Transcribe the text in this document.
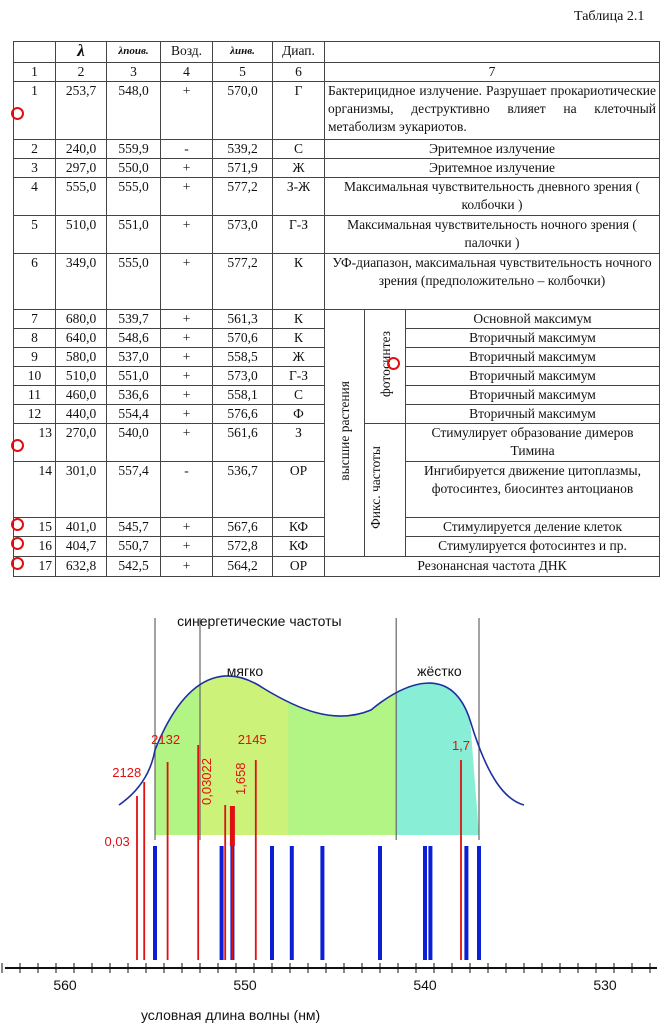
Таблица 2.1
	λ	λпоив.	Возд.	λинв.	Диап.			
1	2	3	4	5	6	7		
1	253,7	548,0	+	570,0	Г	Бактерицидное излучение. Разрушает прокариотические организмы, деструктивно влияет на клеточный метаболизм эукариотов.		
2	240,0	559,9	-	539,2	С	Эритемное излучение		
3	297,0	550,0	+	571,9	Ж	Эритемное излучение		
4	555,0	555,0	+	577,2	З-Ж	Максимальная чувствительность дневного зрения ( колбочки )		
5	510,0	551,0	+	573,0	Г-З	Максимальная чувствительность ночного зрения ( палочки )		
6	349,0	555,0	+	577,2	К	УФ-диапазон, максимальная чувствительность ночного зрения (предположительно – колбочки)		
7	680,0	539,7	+	561,3	К	высшие растения	фотосинтез	Основной максимум
8	640,0	548,6	+	570,6	К			Вторичный максимум
9	580,0	537,0	+	558,5	Ж			Вторичный максимум
10	510,0	551,0	+	573,0	Г-З			Вторичный максимум
11	460,0	536,6	+	558,1	С			Вторичный максимум
12	440,0	554,4	+	576,6	Ф			Вторичный максимум
13	270,0	540,0	+	561,6	З		Фикс. частоты	Стимулирует образование димеров Тимина
14	301,0	557,4	-	536,7	ОР			Ингибируется движение цитоплазмы, фотосинтез, биосинтез антоцианов
15	401,0	545,7	+	567,6	КФ			Стимулируется деление клеток
16	404,7	550,7	+	572,8	КФ			Стимулируется фотосинтез и пр.
17	632,8	542,5	+	564,2	ОР	Резонансная частота ДНК		
синергетические частоты
мягко	жёстко
0,03
2128
2132
0,03022 1,658
2145	1,7
560	550	540	530
условная длина волны (нм)
